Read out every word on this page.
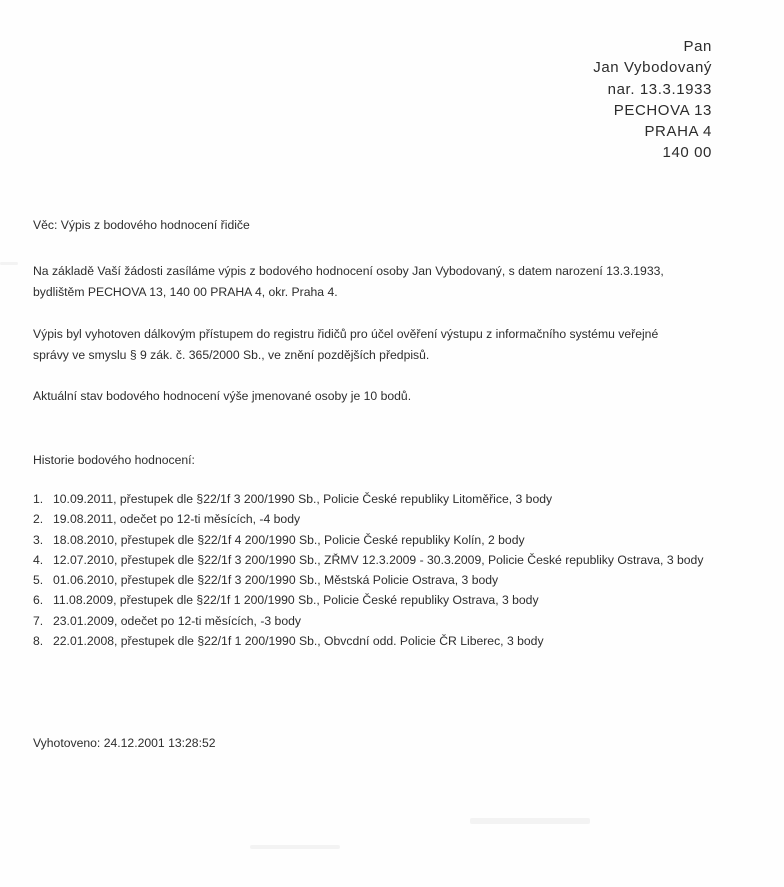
Pan
Jan Vybodovaný
nar. 13.3.1933
PECHOVA 13
PRAHA 4
140 00
Věc: Výpis z bodového hodnocení řidiče
Na základě Vaší žádosti zasíláme výpis z bodového hodnocení osoby Jan Vybodovaný, s datem narození 13.3.1933,
bydlištěm PECHOVA 13, 140 00 PRAHA 4, okr. Praha 4.
Výpis byl vyhotoven dálkovým přístupem do registru řidičů pro účel ověření výstupu z informačního systému veřejné
správy ve smyslu § 9 zák. č. 365/2000 Sb., ve znění pozdějších předpisů.
Aktuální stav bodového hodnocení výše jmenované osoby je 10 bodů.
Historie bodového hodnocení:
1. 10.09.2011, přestupek dle §22/1f 3 200/1990 Sb., Policie České republiky Litoměřice, 3 body
2. 19.08.2011, odečet po 12-ti měsících, -4 body
3. 18.08.2010, přestupek dle §22/1f 4 200/1990 Sb., Policie České republiky Kolín, 2 body
4. 12.07.2010, přestupek dle §22/1f 3 200/1990 Sb., ZŘMV 12.3.2009 - 30.3.2009, Policie České republiky Ostrava, 3 body
5. 01.06.2010, přestupek dle §22/1f 3 200/1990 Sb., Městská Policie Ostrava, 3 body
6. 11.08.2009, přestupek dle §22/1f 1 200/1990 Sb., Policie České republiky Ostrava, 3 body
7. 23.01.2009, odečet po 12-ti měsících, -3 body
8. 22.01.2008, přestupek dle §22/1f 1 200/1990 Sb., Obvcdní odd. Policie ČR Liberec, 3 body
Vyhotoveno: 24.12.2001 13:28:52
